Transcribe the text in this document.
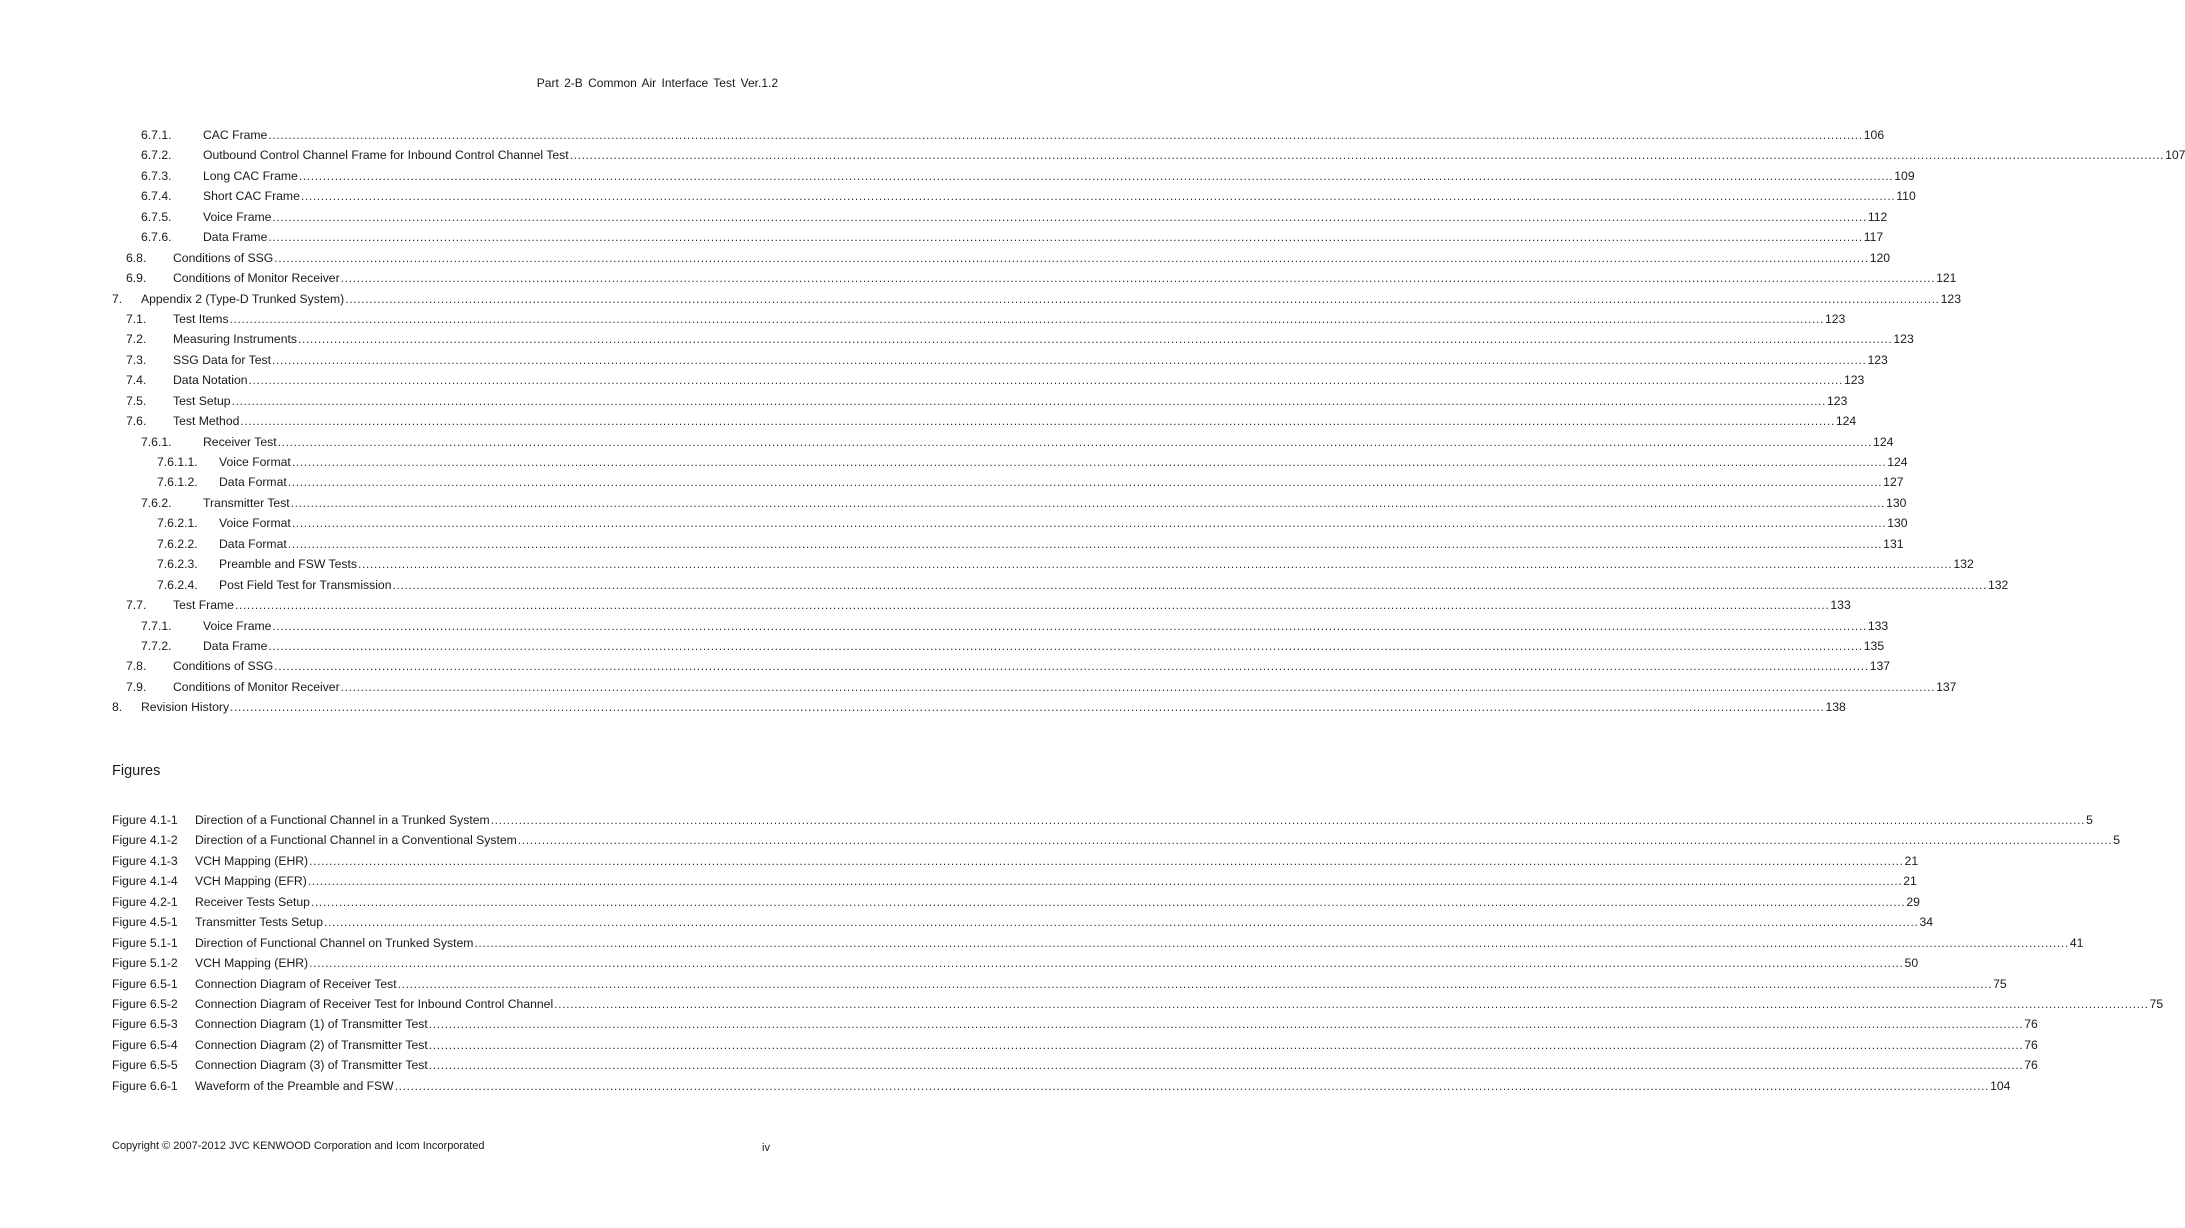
Part 2-B Common Air Interface Test Ver.1.2
6.7.1.	CAC Frame ................................................................................................................................................................................................................................................................................................................................................................................................................ 106
6.7.2.	Outbound Control Channel Frame for Inbound Control Channel Test ................................................................................................................................................................................................................................................................................................................................................................................................................ 107
6.7.3.	Long CAC Frame ................................................................................................................................................................................................................................................................................................................................................................................................................ 109
6.7.4.	Short CAC Frame ................................................................................................................................................................................................................................................................................................................................................................................................................ 110
6.7.5.	Voice Frame ................................................................................................................................................................................................................................................................................................................................................................................................................ 112
6.7.6.	Data Frame ................................................................................................................................................................................................................................................................................................................................................................................................................ 117
6.8. Conditions of SSG ................................................................................................................................................................................................................................................................................................................................................................................................................ 120
6.9. Conditions of Monitor Receiver ................................................................................................................................................................................................................................................................................................................................................................................................................ 121
7. Appendix 2 (Type-D Trunked System) ................................................................................................................................................................................................................................................................................................................................................................................................................ 123
7.1. Test Items ................................................................................................................................................................................................................................................................................................................................................................................................................ 123
7.2. Measuring Instruments ................................................................................................................................................................................................................................................................................................................................................................................................................ 123
7.3. SSG Data for Test ................................................................................................................................................................................................................................................................................................................................................................................................................ 123
7.4. Data Notation ................................................................................................................................................................................................................................................................................................................................................................................................................ 123
7.5. Test Setup ................................................................................................................................................................................................................................................................................................................................................................................................................ 123
7.6. Test Method ................................................................................................................................................................................................................................................................................................................................................................................................................ 124
7.6.1.	Receiver Test ................................................................................................................................................................................................................................................................................................................................................................................................................ 124
7.6.1.1. Voice Format ................................................................................................................................................................................................................................................................................................................................................................................................................ 124
7.6.1.2. Data Format ................................................................................................................................................................................................................................................................................................................................................................................................................ 127
7.6.2.	Transmitter Test ................................................................................................................................................................................................................................................................................................................................................................................................................ 130
7.6.2.1. Voice Format ................................................................................................................................................................................................................................................................................................................................................................................................................ 130
7.6.2.2. Data Format ................................................................................................................................................................................................................................................................................................................................................................................................................ 131
7.6.2.3. Preamble and FSW Tests ................................................................................................................................................................................................................................................................................................................................................................................................................ 132
7.6.2.4. Post Field Test for Transmission ................................................................................................................................................................................................................................................................................................................................................................................................................ 132
7.7. Test Frame ................................................................................................................................................................................................................................................................................................................................................................................................................ 133
7.7.1.	Voice Frame ................................................................................................................................................................................................................................................................................................................................................................................................................ 133
7.7.2.	Data Frame ................................................................................................................................................................................................................................................................................................................................................................................................................ 135
7.8. Conditions of SSG ................................................................................................................................................................................................................................................................................................................................................................................................................ 137
7.9. Conditions of Monitor Receiver ................................................................................................................................................................................................................................................................................................................................................................................................................ 137
8. Revision History ................................................................................................................................................................................................................................................................................................................................................................................................................ 138
Figures
Figure 4.1-1 Direction of a Functional Channel in a Trunked System ................................................................................................................................................................................................................................................................................................................................................................................................................ 5
Figure 4.1-2 Direction of a Functional Channel in a Conventional System ................................................................................................................................................................................................................................................................................................................................................................................................................ 5
Figure 4.1-3 VCH Mapping (EHR) ................................................................................................................................................................................................................................................................................................................................................................................................................ 21
Figure 4.1-4 VCH Mapping (EFR) ................................................................................................................................................................................................................................................................................................................................................................................................................ 21
Figure 4.2-1 Receiver Tests Setup ................................................................................................................................................................................................................................................................................................................................................................................................................ 29
Figure 4.5-1 Transmitter Tests Setup ................................................................................................................................................................................................................................................................................................................................................................................................................ 34
Figure 5.1-1 Direction of Functional Channel on Trunked System ................................................................................................................................................................................................................................................................................................................................................................................................................ 41
Figure 5.1-2 VCH Mapping (EHR) ................................................................................................................................................................................................................................................................................................................................................................................................................ 50
Figure 6.5-1 Connection Diagram of Receiver Test ................................................................................................................................................................................................................................................................................................................................................................................................................ 75
Figure 6.5-2 Connection Diagram of Receiver Test for Inbound Control Channel ................................................................................................................................................................................................................................................................................................................................................................................................................ 75
Figure 6.5-3 Connection Diagram (1) of Transmitter Test ................................................................................................................................................................................................................................................................................................................................................................................................................ 76
Figure 6.5-4 Connection Diagram (2) of Transmitter Test ................................................................................................................................................................................................................................................................................................................................................................................................................ 76
Figure 6.5-5 Connection Diagram (3) of Transmitter Test ................................................................................................................................................................................................................................................................................................................................................................................................................ 76
Figure 6.6-1 Waveform of the Preamble and FSW ................................................................................................................................................................................................................................................................................................................................................................................................................ 104
Copyright © 2007-2012 JVC KENWOOD Corporation and Icom Incorporated	iv
